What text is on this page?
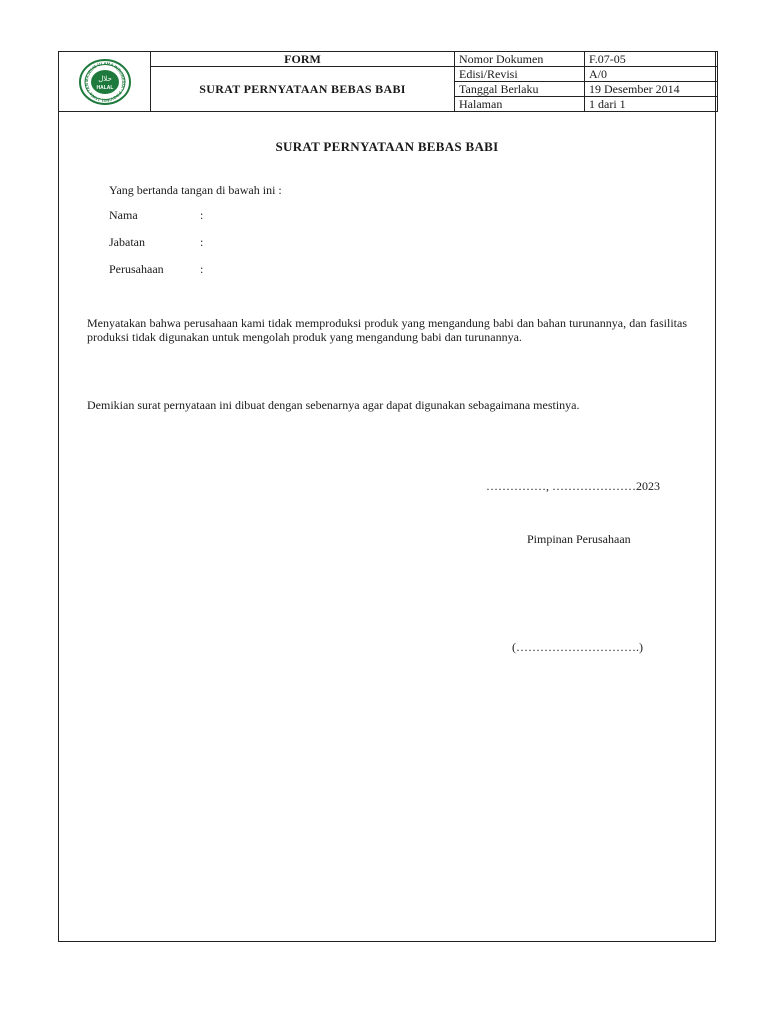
MAJELIS ULAMA INDONESIA · PROVINSI JAWA TEN
حلال
HALAL	FORM	Nomor Dokumen	F.07-05
	SURAT PERNYATAAN BEBAS BABI	Edisi/Revisi	A/0
		Tanggal Berlaku	19 Desember 2014
		Halaman	1 dari 1
SURAT PERNYATAAN BEBAS BABI
Yang bertanda tangan di bawah ini :
Nama	:
Jabatan	:
Perusahaan	:
Menyatakan bahwa perusahaan kami tidak memproduksi produk yang mengandung babi dan bahan turunannya, dan fasilitas produksi tidak digunakan untuk mengolah produk yang mengandung babi dan turunannya.
Demikian surat pernyataan ini dibuat dengan sebenarnya agar dapat digunakan sebagaimana mestinya.
……………, …………………2023
Pimpinan Perusahaan
(………………………….)
